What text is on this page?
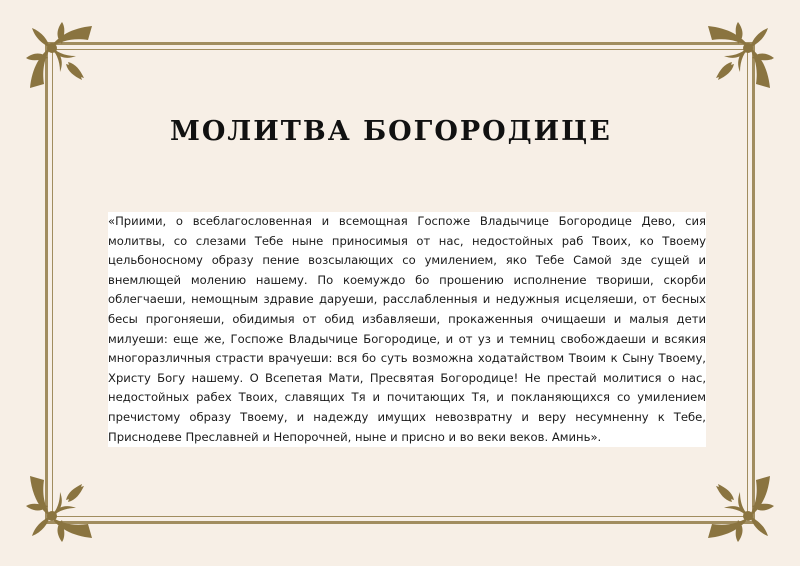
МОЛИТВА БОГОРОДИЦЕ

«Приими, о всеблагословенная и всемощная Госпоже Владычице Богородице Дево, сия молитвы, со слезами Тебе ныне приносимыя от нас, недостойных раб Твоих, ко Твоему цельбоносному образу пение возсылающих со умилением, яко Тебе Самой зде сущей и внемлющей молению нашему. По коемуждо бо прошению исполнение твориши, скорби облегчаеши, немощным здравие даруеши, расслабленныя и недужныя исцеляеши, от бесных бесы прогоняеши, обидимыя от обид избавляеши, прокаженныя очищаеши и малыя дети милуеши: еще же, Госпоже Владычице Богородице, и от уз и темниц свобождаеши и всякия многоразличныя страсти врачуеши: вся бо суть возможна ходатайством Твоим к Сыну Твоему, Христу Богу нашему. О Всепетая Мати, Пресвятая Богородице! Не престай молитися о нас, недостойных рабех Твоих, славящих Тя и почитающих Тя, и покланяющихся со умилением пречистому образу Твоему, и надежду имущих невозвратну и веру несумненну к Тебе, Приснодеве Преславней и Непорочней, ныне и присно и во веки веков. Аминь».
